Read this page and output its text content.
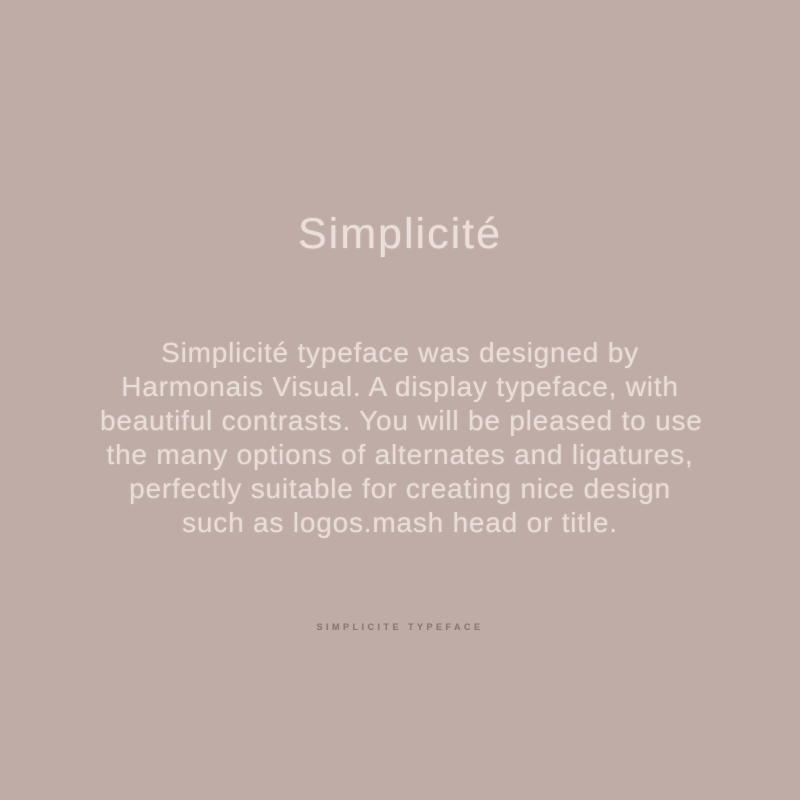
Simplicité
Simplicité typeface was designed by
Harmonais Visual. A display typeface, with
beautiful contrasts. You will be pleased to use
the many options of alternates and ligatures,
perfectly suitable for creating nice design
such as logos.mash head or title.
SIMPLICITE TYPEFACE
